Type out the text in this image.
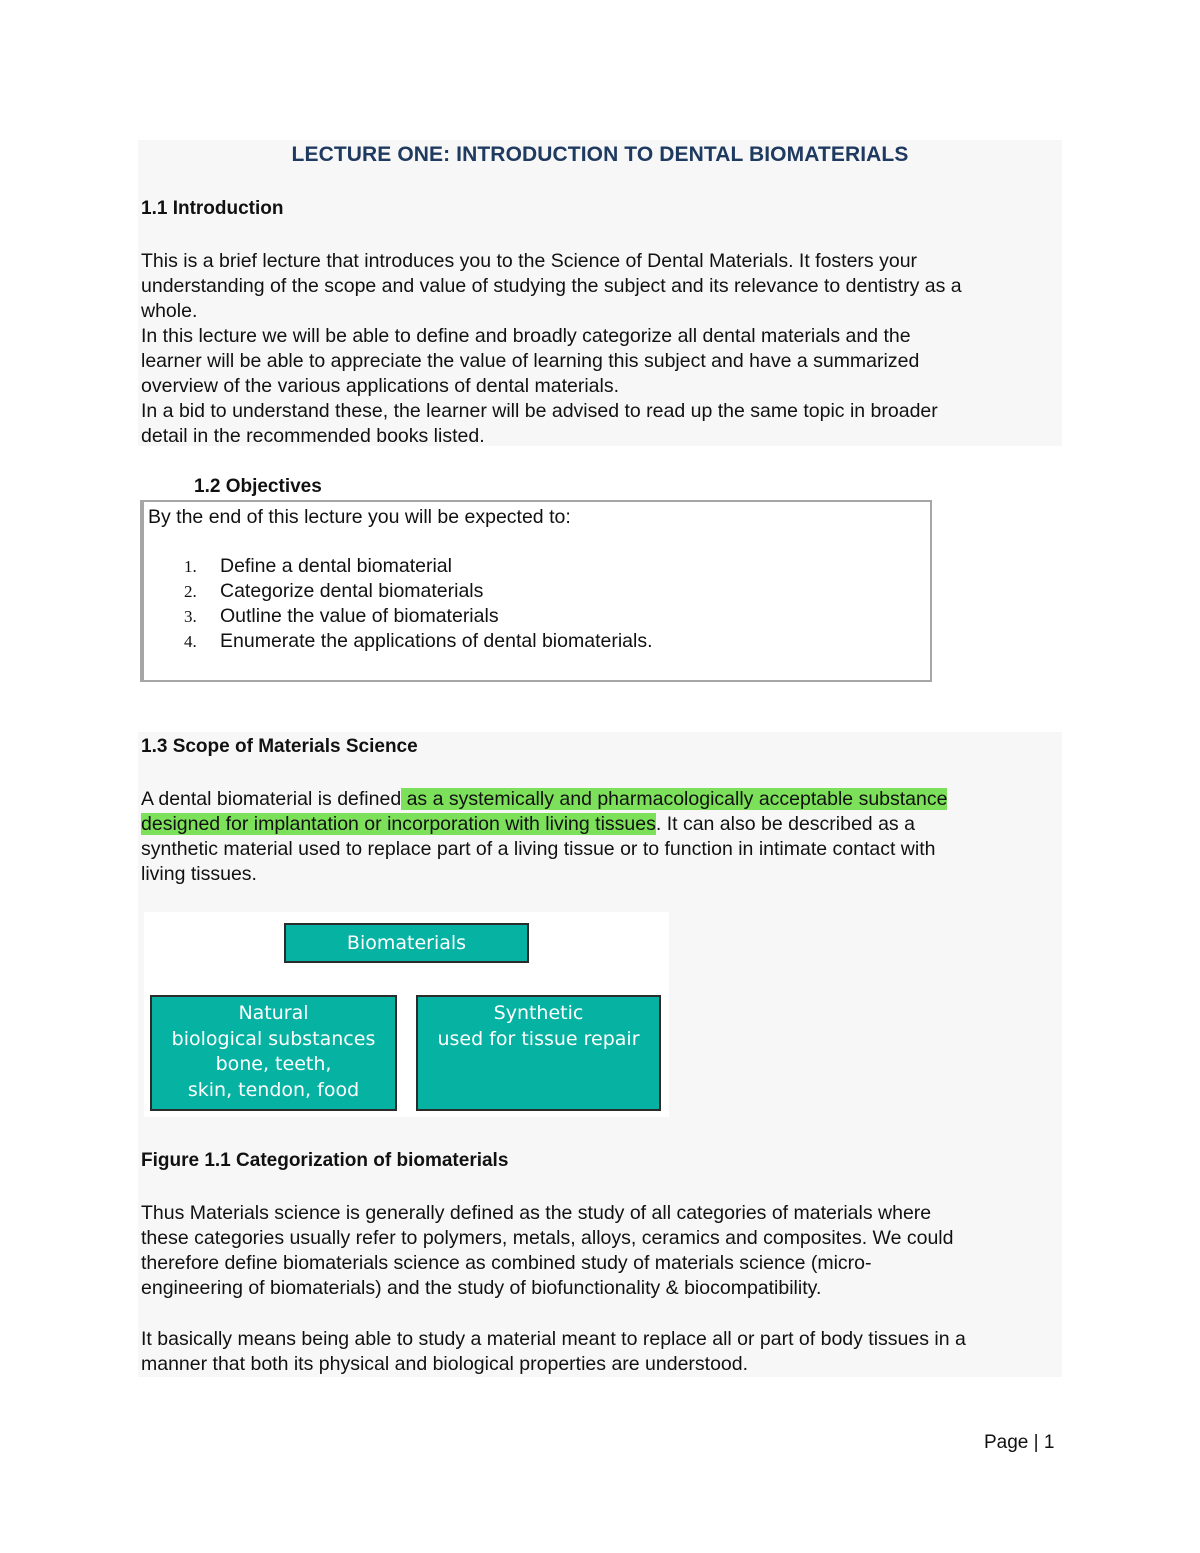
LECTURE ONE: INTRODUCTION TO DENTAL BIOMATERIALS
1.1 Introduction
This is a brief lecture that introduces you to the Science of Dental Materials. It fosters your
understanding of the scope and value of studying the subject and its relevance to dentistry as a
whole.
In this lecture we will be able to define and broadly categorize all dental materials and the
learner will be able to appreciate the value of learning this subject and have a summarized
overview of the various applications of dental materials.
In a bid to understand these, the learner will be advised to read up the same topic in broader
detail in the recommended books listed.
1.2 Objectives
By the end of this lecture you will be expected to:
1.	Define a dental biomaterial
2.	Categorize dental biomaterials
3.	Outline the value of biomaterials
4.	Enumerate the applications of dental biomaterials.
1.3 Scope of Materials Science
A dental biomaterial is defined as a systemically and pharmacologically acceptable substance
designed for implantation or incorporation with living tissues. It can also be described as a
synthetic material used to replace part of a living tissue or to function in intimate contact with
living tissues.
Biomaterials
Natural
biological substances
bone, teeth,
skin, tendon, food
Synthetic
used for tissue repair
Figure 1.1 Categorization of biomaterials
Thus Materials science is generally defined as the study of all categories of materials where
these categories usually refer to polymers, metals, alloys, ceramics and composites. We could
therefore define biomaterials science as combined study of materials science (micro-
engineering of biomaterials) and the study of biofunctionality & biocompatibility.
It basically means being able to study a material meant to replace all or part of body tissues in a
manner that both its physical and biological properties are understood.
Page | 1
